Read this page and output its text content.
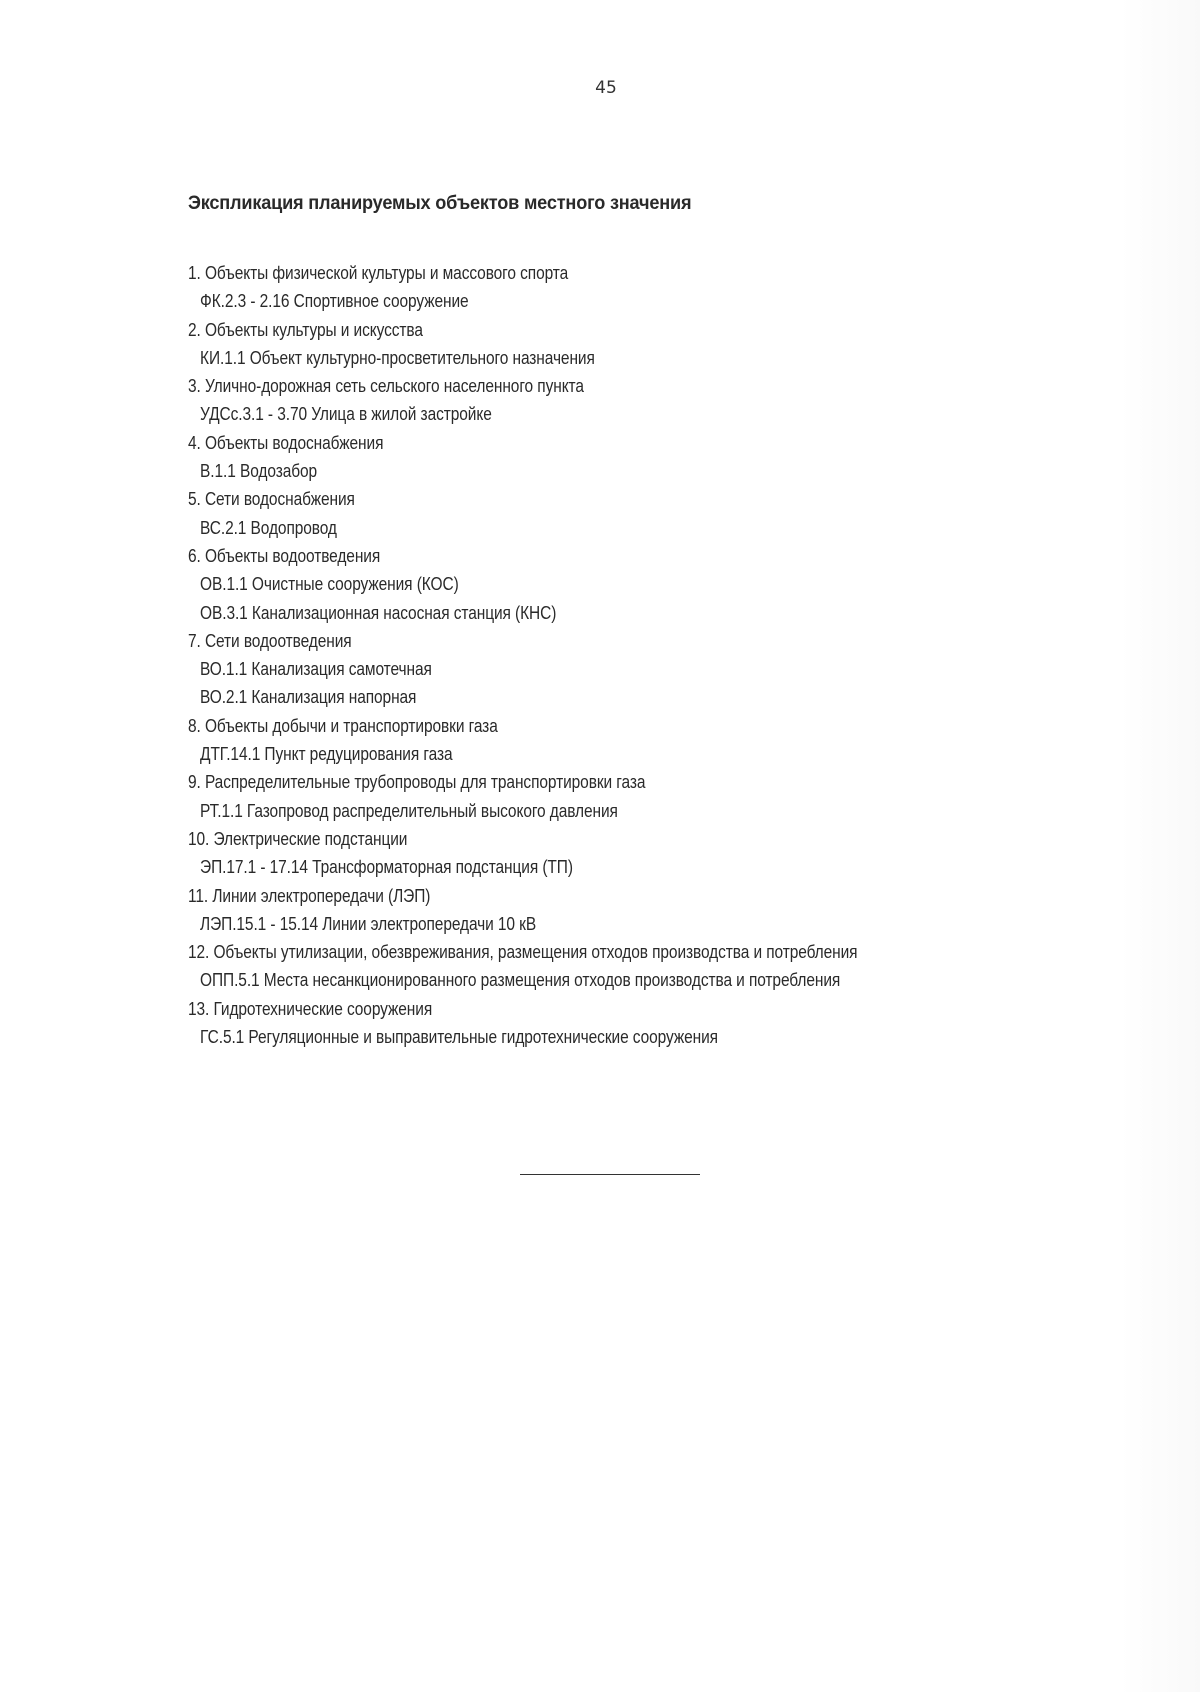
45
Экспликация планируемых объектов местного значения
1. Объекты физической культуры и массового спорта
ФК.2.3 - 2.16 Спортивное сооружение
2. Объекты культуры и искусства
КИ.1.1 Объект культурно-просветительного назначения
3. Улично-дорожная сеть сельского населенного пункта
УДСс.3.1 - 3.70 Улица в жилой застройке
4. Объекты водоснабжения
В.1.1 Водозабор
5. Сети водоснабжения
ВС.2.1 Водопровод
6. Объекты водоотведения
ОВ.1.1 Очистные сооружения (КОС)
ОВ.3.1 Канализационная насосная станция (КНС)
7. Сети водоотведения
ВО.1.1 Канализация самотечная
ВО.2.1 Канализация напорная
8. Объекты добычи и транспортировки газа
ДТГ.14.1 Пункт редуцирования газа
9. Распределительные трубопроводы для транспортировки газа
РТ.1.1 Газопровод распределительный высокого давления
10. Электрические подстанции
ЭП.17.1 - 17.14 Трансформаторная подстанция (ТП)
11. Линии электропередачи (ЛЭП)
ЛЭП.15.1 - 15.14 Линии электропередачи 10 кВ
12. Объекты утилизации, обезвреживания, размещения отходов производства и потребления
ОПП.5.1 Места несанкционированного размещения отходов производства и потребления
13. Гидротехнические сооружения
ГС.5.1 Регуляционные и выправительные гидротехнические сооружения
